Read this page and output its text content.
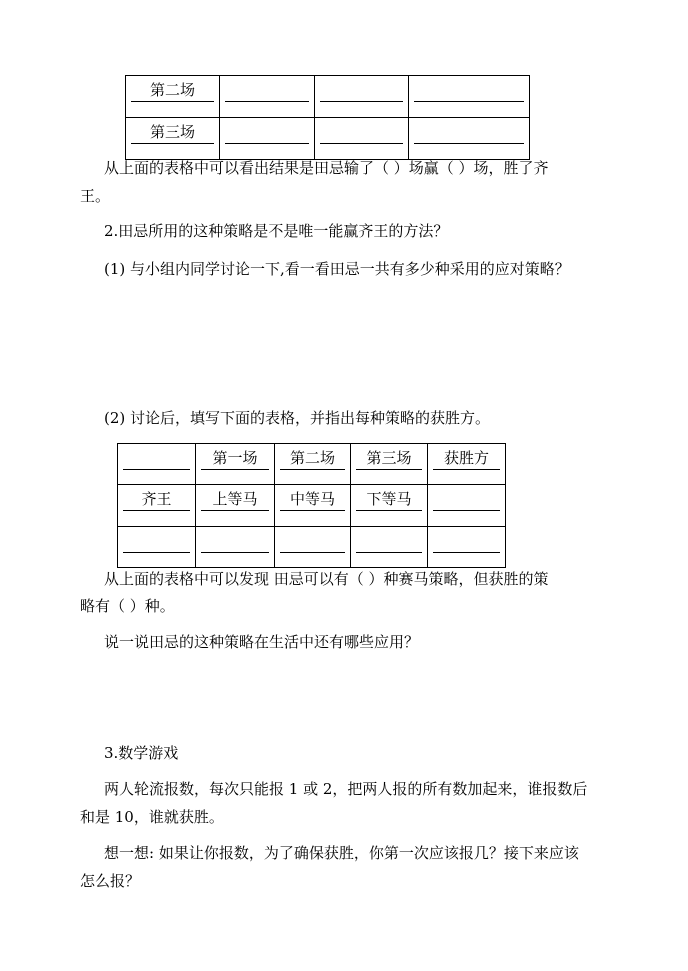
第二场			

第三场			

从上面的表格中可以看出结果是田忌输了（ ）场赢（ ）场，胜了齐
王。
2.田忌所用的这种策略是不是唯一能赢齐王的方法？
(1) 与小组内同学讨论一下,看一看田忌一共有多少种采用的应对策略？
(2) 讨论后，填写下面的表格，并指出每种策略的获胜方。

	第一场	第二场	第三场	获胜方

齐王	上等马	中等马	下等马	

从上面的表格中可以发现 田忌可以有（ ）种赛马策略，但获胜的策
略有（ ）种。
说一说田忌的这种策略在生活中还有哪些应用？
3.数学游戏
两人轮流报数，每次只能报 1 或 2，把两人报的所有数加起来，谁报数后
和是 10，谁就获胜。
想一想: 如果让你报数，为了确保获胜，你第一次应该报几？接下来应该
怎么报？
